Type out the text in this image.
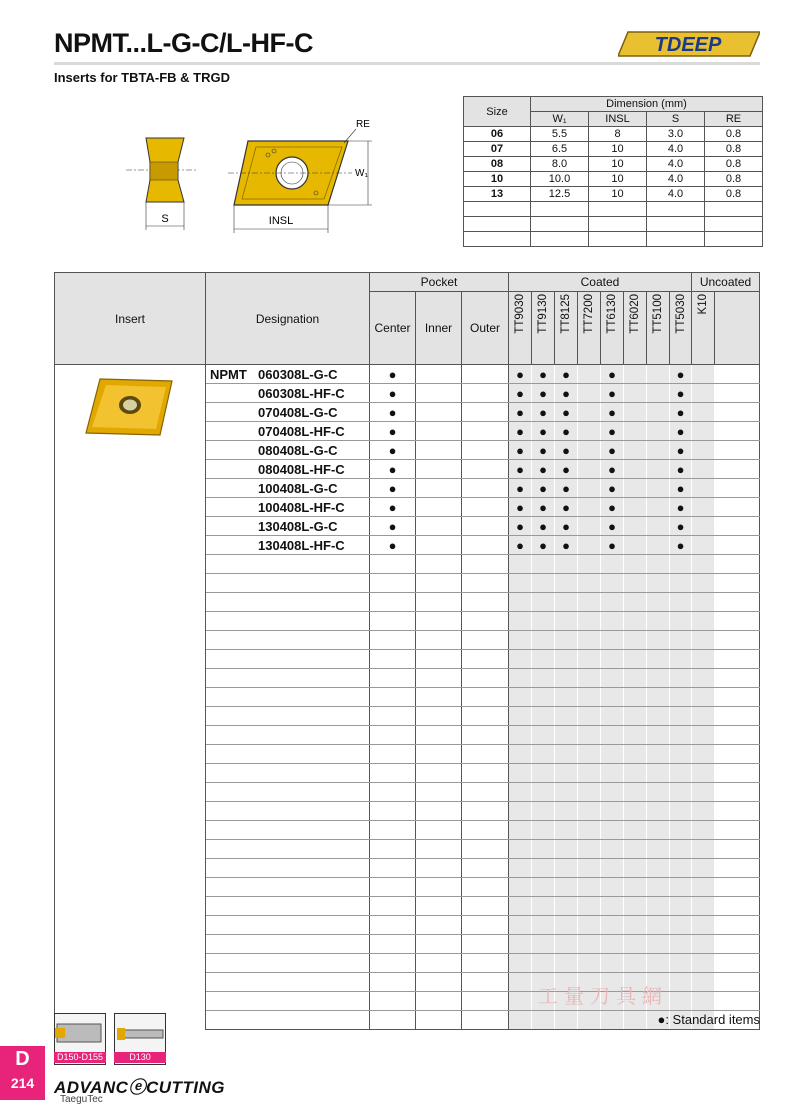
NPMT...L-G-C/L-HF-C
Inserts for TBTA-FB & TRGD
TDEEP
S
RE
W₁
INSL
Size	Dimension (mm)			
	W₁	INSL	S	RE
06	5.5	8	3.0	0.8
07	6.5	10	4.0	0.8
08	8.0	10	4.0	0.8
10	10.0	10	4.0	0.8
13	12.5	10	4.0	0.8

Insert	Designation	Pocket			Coated								Uncoated	
		Center	Inner	Outer	TT9030	TT9130	TT8125	TT7200	TT6130	TT6020	TT5100	TT5030	K10	
	NPMT 060308L-G-C	●			●	●	●		●			●		
	060308L-HF-C	●			●	●	●		●			●		
	070408L-G-C	●			●	●	●		●			●		
	070408L-HF-C	●			●	●	●		●			●		
	080408L-G-C	●			●	●	●		●			●		
	080408L-HF-C	●			●	●	●		●			●		
	100408L-G-C	●			●	●	●		●			●		
	100408L-HF-C	●			●	●	●		●			●		
	130408L-G-C	●			●	●	●		●			●		
	130408L-HF-C	●			●	●	●		●			●		

●: Standard items
工量刀具網
D150-D155	D130
D
214	ADVANCⓔCUTTING
TaeguTec
